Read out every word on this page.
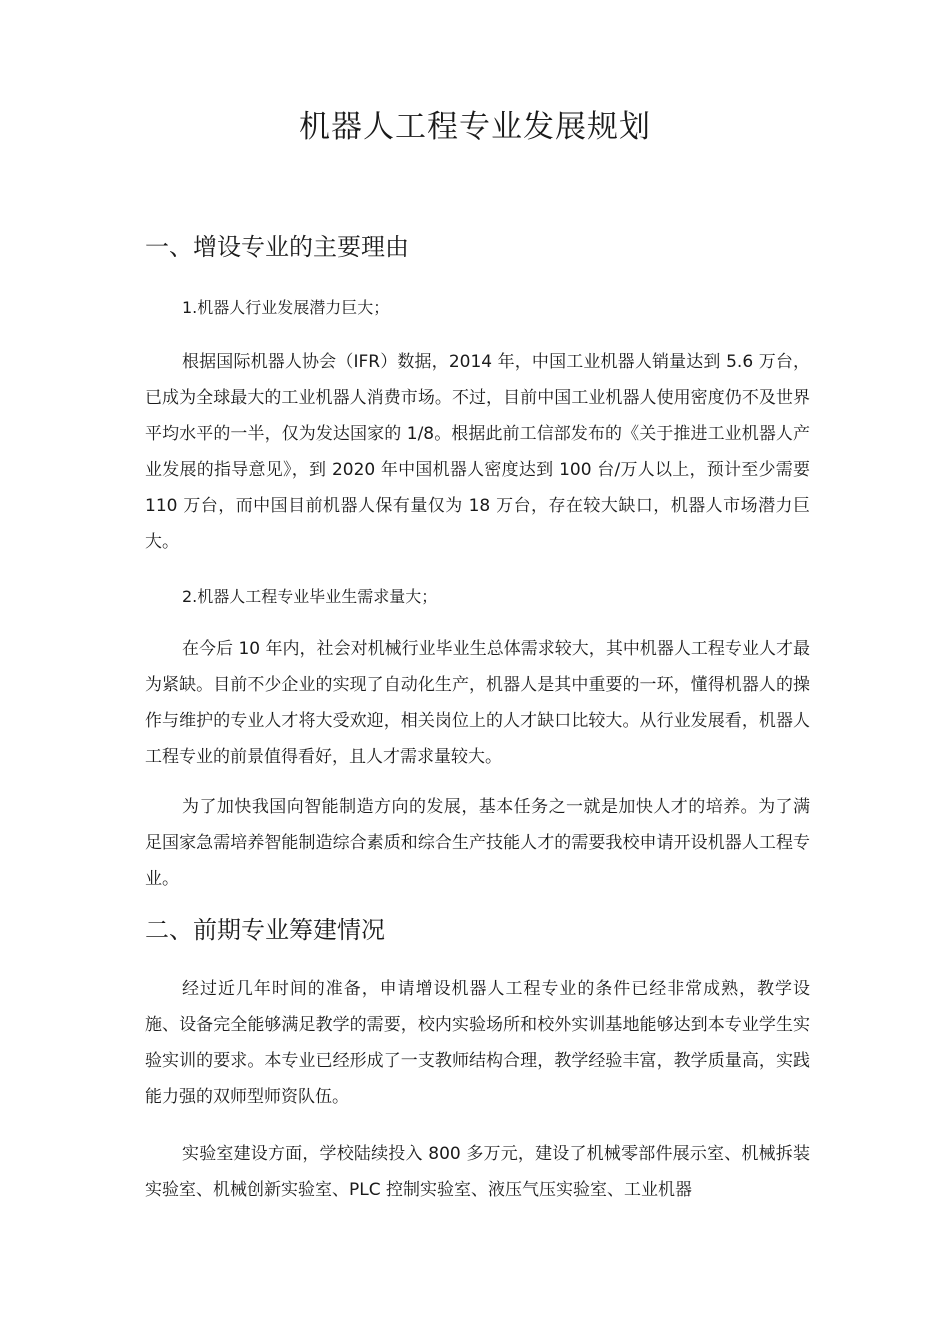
机器人工程专业发展规划
一、增设专业的主要理由

1.机器人行业发展潜力巨大；

根据国际机器人协会（IFR）数据，2014 年，中国工业机器人销量达到 5.6 万台，已成为全球最大的工业机器人消费市场。不过，目前中国工业机器人使用密度仍不及世界平均水平的一半，仅为发达国家的 1/8。根据此前工信部发布的《关于推进工业机器人产业发展的指导意见》，到 2020 年中国机器人密度达到 100 台/万人以上，预计至少需要 110 万台，而中国目前机器人保有量仅为 18 万台，存在较大缺口，机器人市场潜力巨大。

2.机器人工程专业毕业生需求量大；

在今后 10 年内，社会对机械行业毕业生总体需求较大，其中机器人工程专业人才最为紧缺。目前不少企业的实现了自动化生产，机器人是其中重要的一环，懂得机器人的操作与维护的专业人才将大受欢迎，相关岗位上的人才缺口比较大。从行业发展看，机器人工程专业的前景值得看好，且人才需求量较大。

为了加快我国向智能制造方向的发展，基本任务之一就是加快人才的培养。为了满足国家急需培养智能制造综合素质和综合生产技能人才的需要我校申请开设机器人工程专业。

二、前期专业筹建情况

经过近几年时间的准备，申请增设机器人工程专业的条件已经非常成熟，教学设施、设备完全能够满足教学的需要，校内实验场所和校外实训基地能够达到本专业学生实验实训的要求。本专业已经形成了一支教师结构合理，教学经验丰富，教学质量高，实践能力强的双师型师资队伍。

实验室建设方面，学校陆续投入 800 多万元，建设了机械零部件展示室、机械拆装实验室、机械创新实验室、PLC 控制实验室、液压气压实验室、工业机器
